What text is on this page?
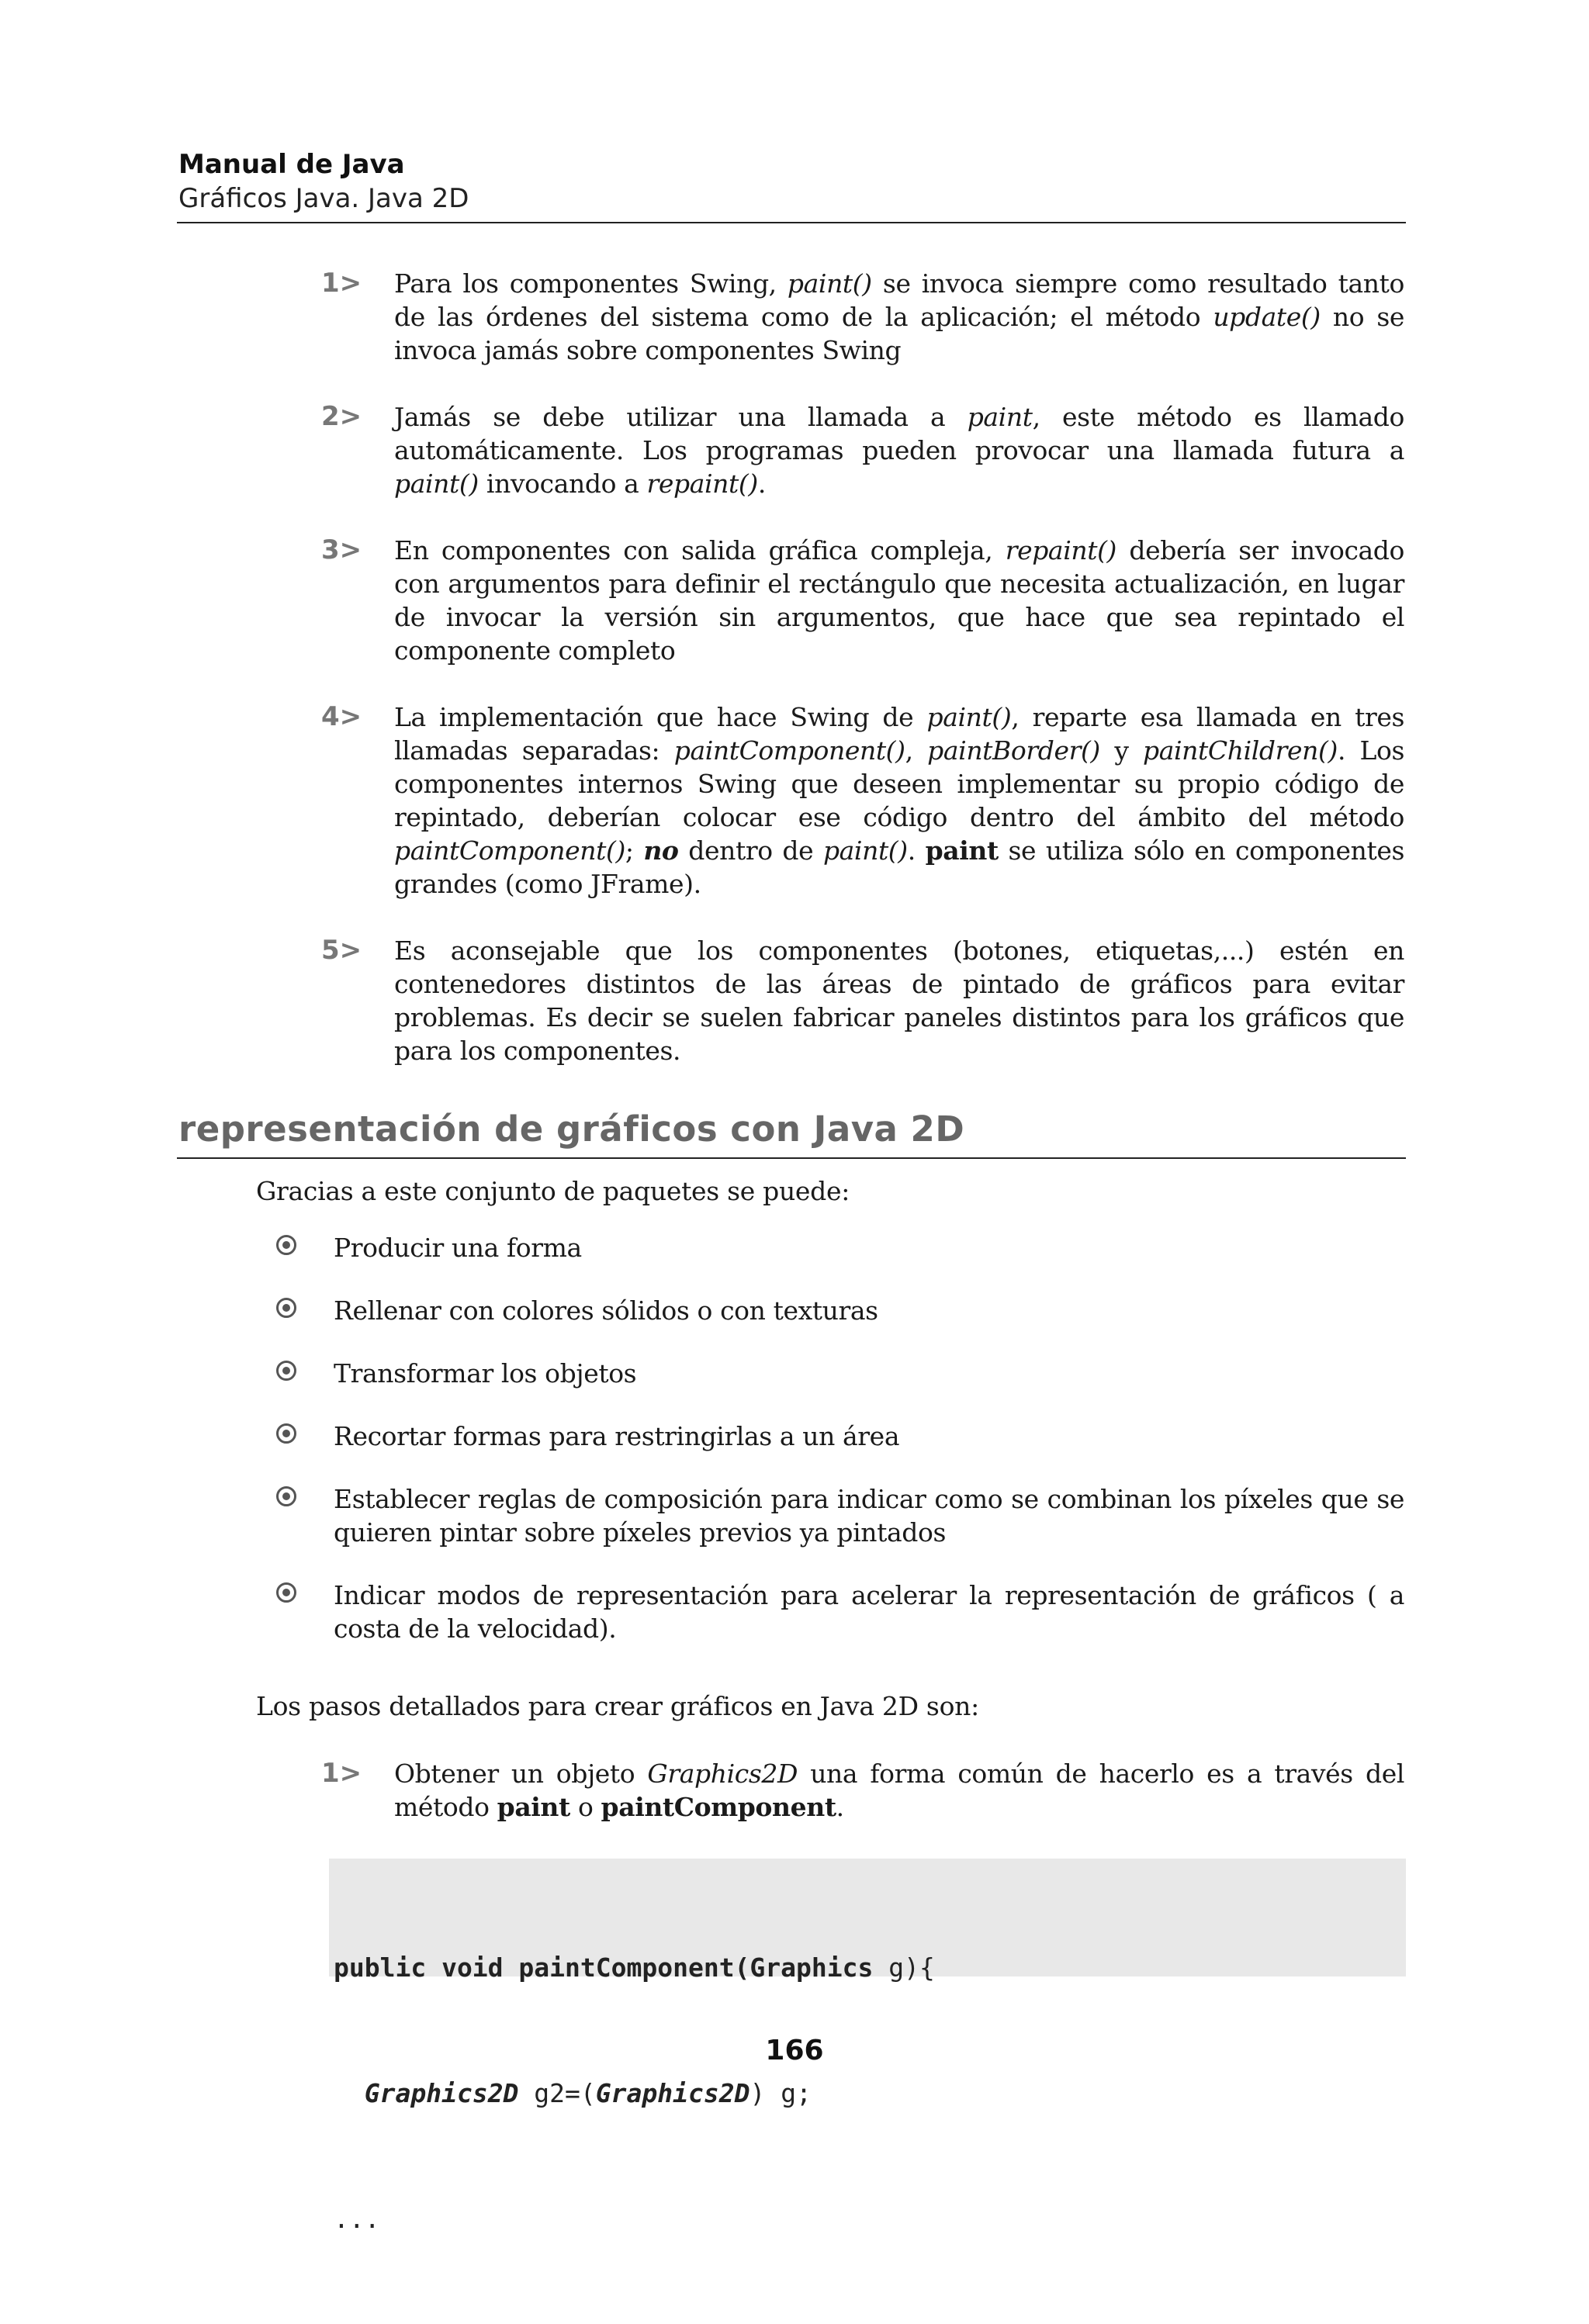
Manual de Java
Gráficos Java. Java 2D
1> Para los componentes Swing, paint() se invoca siempre como resultado tanto de las órdenes del sistema como de la aplicación; el método update() no se invoca jamás sobre componentes Swing
2> Jamás se debe utilizar una llamada a paint, este método es llamado automáticamente. Los programas pueden provocar una llamada futura a paint() invocando a repaint().
3> En componentes con salida gráfica compleja, repaint() debería ser invocado con argumentos para definir el rectángulo que necesita actualización, en lugar de invocar la versión sin argumentos, que hace que sea repintado el componente completo
4> La implementación que hace Swing de paint(), reparte esa llamada en tres llamadas separadas: paintComponent(), paintBorder() y paintChildren(). Los componentes internos Swing que deseen implementar su propio código de repintado, deberían colocar ese código dentro del ámbito del método paintComponent(); no dentro de paint(). paint se utiliza sólo en componentes grandes (como JFrame).
5> Es aconsejable que los componentes (botones, etiquetas,...) estén en contenedores distintos de las áreas de pintado de gráficos para evitar problemas. Es decir se suelen fabricar paneles distintos para los gráficos que para los componentes.
representación de gráficos con Java 2D
Gracias a este conjunto de paquetes se puede:
Producir una forma
Rellenar con colores sólidos o con texturas
Transformar los objetos
Recortar formas para restringirlas a un área
Establecer reglas de composición para indicar como se combinan los píxeles que se quieren pintar sobre píxeles previos ya pintados
Indicar modos de representación para acelerar la representación de gráficos ( a costa de la velocidad).
Los pasos detallados para crear gráficos en Java 2D son:
1> Obtener un objeto Graphics2D una forma común de hacerlo es a través del método paint o paintComponent.

public void paintComponent(Graphics g){

Graphics2D g2=(Graphics2D) g;

...

166
